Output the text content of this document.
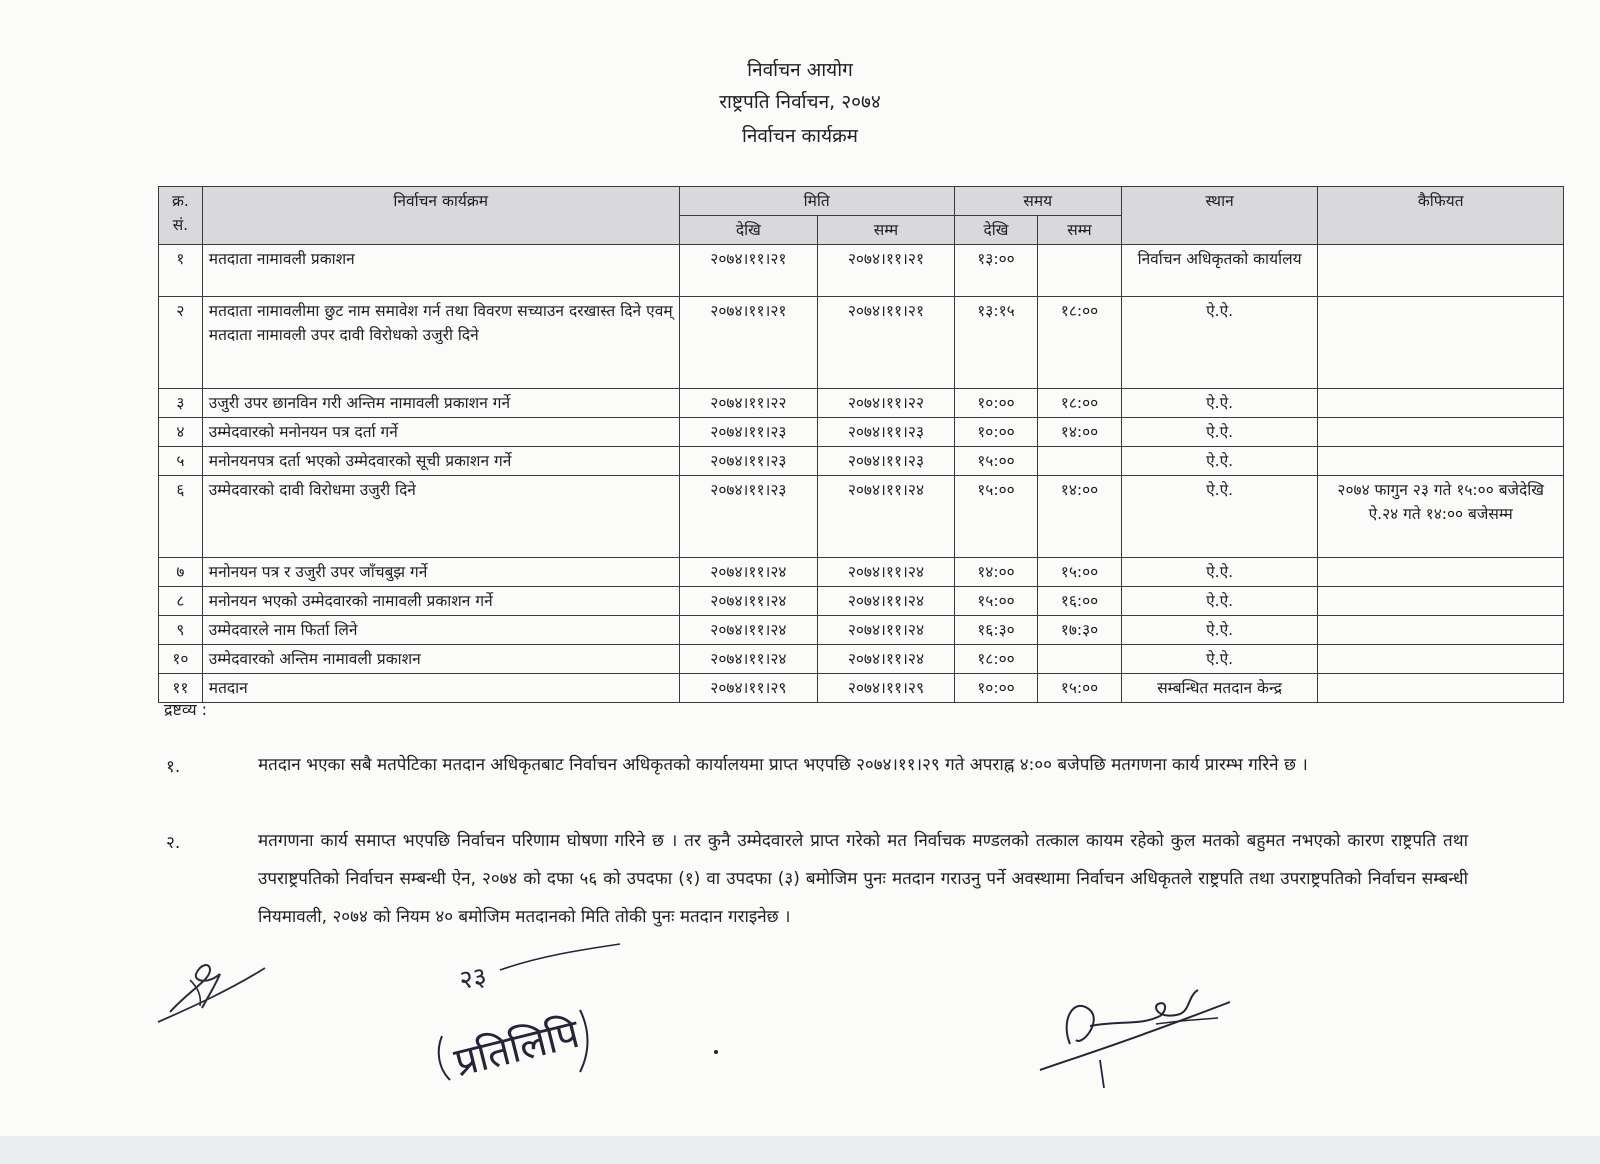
निर्वाचन आयोग
राष्ट्रपति निर्वाचन, २०७४
निर्वाचन कार्यक्रम
क्र. सं.	निर्वाचन कार्यक्रम	मिति		समय		स्थान	कैफियत
		देखि	सम्म	देखि	सम्म		
१	मतदाता नामावली प्रकाशन	२०७४।११।२१	२०७४।११।२१	१३:००		निर्वाचन अधिकृतको कार्यालय	
२	मतदाता नामावलीमा छुट नाम समावेश गर्न तथा विवरण सच्याउन दरखास्त दिने एवम् मतदाता नामावली उपर दावी विरोधको उजुरी दिने	२०७४।११।२१	२०७४।११।२१	१३:१५	१८:००	ऐ.ऐ.	
३	उजुरी उपर छानविन गरी अन्तिम नामावली प्रकाशन गर्ने	२०७४।११।२२	२०७४।११।२२	१०:००	१८:००	ऐ.ऐ.	
४	उम्मेदवारको मनोनयन पत्र दर्ता गर्ने	२०७४।११।२३	२०७४।११।२३	१०:००	१४:००	ऐ.ऐ.	
५	मनोनयनपत्र दर्ता भएको उम्मेदवारको सूची प्रकाशन गर्ने	२०७४।११।२३	२०७४।११।२३	१५:००		ऐ.ऐ.	
६	उम्मेदवारको दावी विरोधमा उजुरी दिने	२०७४।११।२३	२०७४।११।२४	१५:००	१४:००	ऐ.ऐ.	२०७४ फागुन २३ गते १५:०० बजेदेखि ऐ.२४ गते १४:०० बजेसम्म
७	मनोनयन पत्र र उजुरी उपर जाँचबुझ गर्ने	२०७४।११।२४	२०७४।११।२४	१४:००	१५:००	ऐ.ऐ.	
८	मनोनयन भएको उम्मेदवारको नामावली प्रकाशन गर्ने	२०७४।११।२४	२०७४।११।२४	१५:००	१६:००	ऐ.ऐ.	
९	उम्मेदवारले नाम फिर्ता लिने	२०७४।११।२४	२०७४।११।२४	१६:३०	१७:३०	ऐ.ऐ.	
१०	उम्मेदवारको अन्तिम नामावली प्रकाशन	२०७४।११।२४	२०७४।११।२४	१८:००		ऐ.ऐ.	
११	मतदान	२०७४।११।२९	२०७४।११।२९	१०:००	१५:००	सम्बन्धित मतदान केन्द्र	
द्रष्टव्य :
१.	मतदान भएका सबै मतपेटिका मतदान अधिकृतबाट निर्वाचन अधिकृतको कार्यालयमा प्राप्त भएपछि २०७४।११।२९ गते अपराह्न ४:०० बजेपछि मतगणना कार्य प्रारम्भ गरिने छ ।
२.	मतगणना कार्य समाप्त भएपछि निर्वाचन परिणाम घोषणा गरिने छ । तर कुनै उम्मेदवारले प्राप्त गरेको मत निर्वाचक मण्डलको तत्काल कायम रहेको कुल मतको बहुमत नभएको कारण राष्ट्रपति तथा उपराष्ट्रपतिको निर्वाचन सम्बन्धी ऐन, २०७४ को दफा ५६ को उपदफा (१) वा उपदफा (३) बमोजिम पुनः मतदान गराउनु पर्ने अवस्थामा निर्वाचन अधिकृतले राष्ट्रपति तथा उपराष्ट्रपतिको निर्वाचन सम्बन्धी नियमावली, २०७४ को नियम ४० बमोजिम मतदानको मिति तोकी पुनः मतदान गराइनेछ ।
प्रतिलिपि
२३
